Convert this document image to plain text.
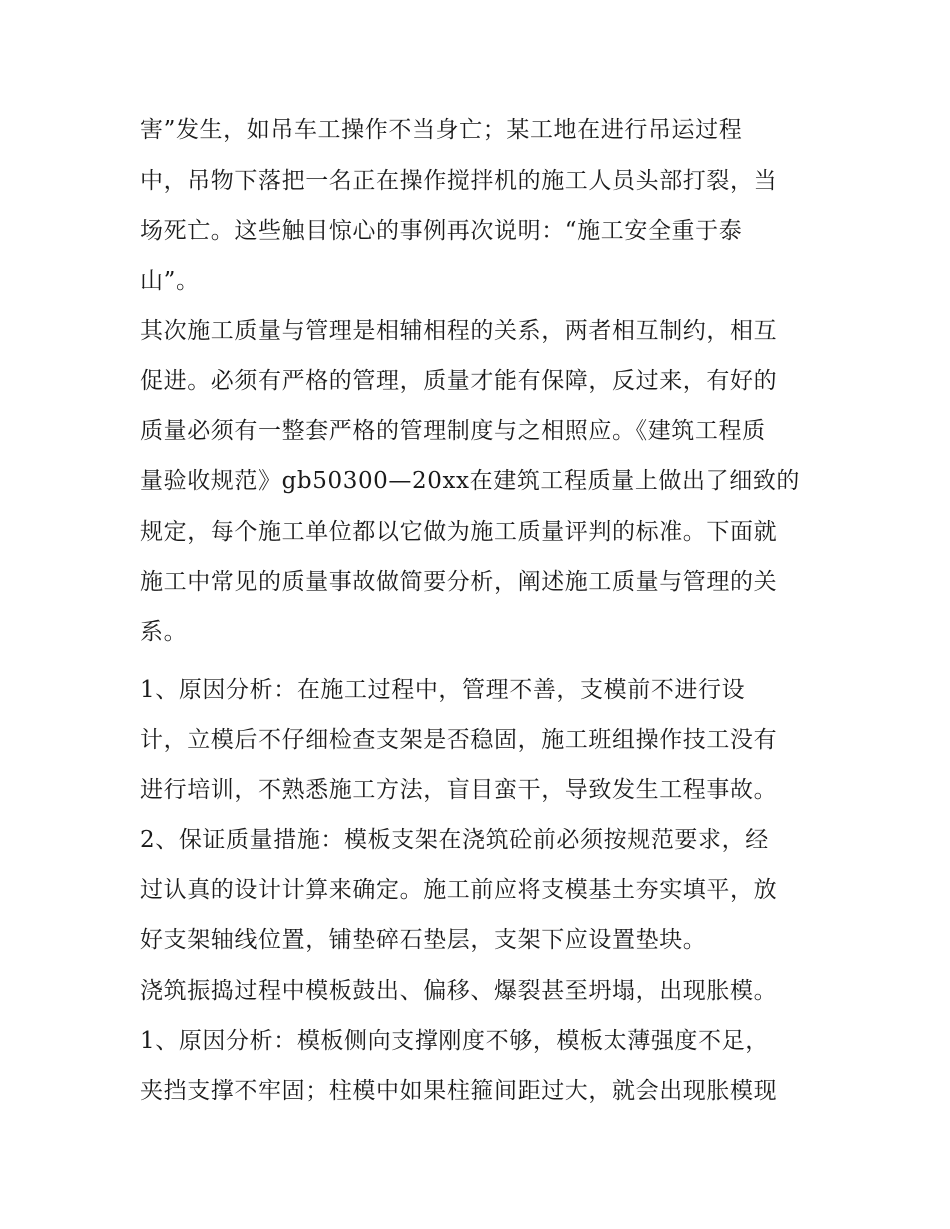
害”发生，如吊车工操作不当身亡；某工地在进行吊运过程
中，吊物下落把一名正在操作搅拌机的施工人员头部打裂，当
场死亡。这些触目惊心的事例再次说明：“施工安全重于泰
山”。
其次施工质量与管理是相辅相程的关系，两者相互制约，相互
促进。必须有严格的管理，质量才能有保障，反过来，有好的
质量必须有一整套严格的管理制度与之相照应。《建筑工程质
量验收规范》gb50300—20xx在建筑工程质量上做出了细致的
规定，每个施工单位都以它做为施工质量评判的标准。下面就
施工中常见的质量事故做简要分析，阐述施工质量与管理的关
系。
1、原因分析：在施工过程中，管理不善，支模前不进行设
计，立模后不仔细检查支架是否稳固，施工班组操作技工没有
进行培训，不熟悉施工方法，盲目蛮干，导致发生工程事故。
2、保证质量措施：模板支架在浇筑砼前必须按规范要求，经
过认真的设计计算来确定。施工前应将支模基土夯实填平，放
好支架轴线位置，铺垫碎石垫层，支架下应设置垫块。
浇筑振捣过程中模板鼓出、偏移、爆裂甚至坍塌，出现胀模。
1、原因分析：模板侧向支撑刚度不够，模板太薄强度不足，
夹挡支撑不牢固；柱模中如果柱箍间距过大，就会出现胀模现
